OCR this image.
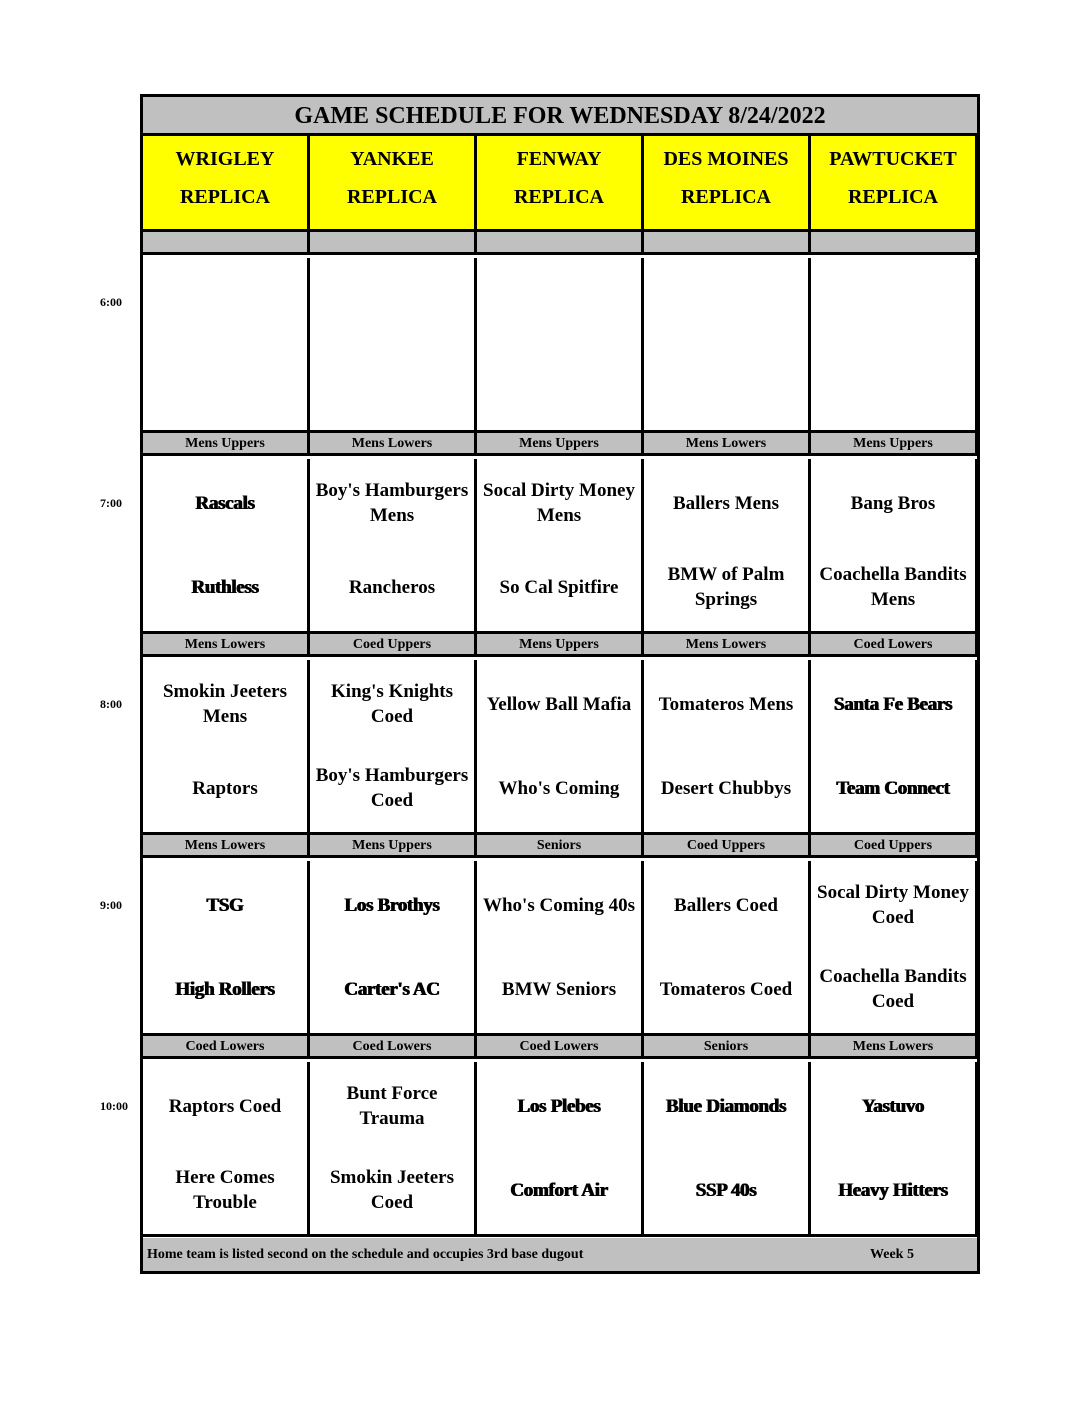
GAME SCHEDULE FOR WEDNESDAY 8/24/2022
WRIGLEY
REPLICA
YANKEE
REPLICA
FENWAY
REPLICA
DES MOINES
REPLICA
PAWTUCKET
REPLICA
Mens Uppers
Rascals
Ruthless
Mens Lowers
Boy's Hamburgers Mens
Rancheros
Mens Uppers
Socal Dirty Money Mens
So Cal Spitfire
Mens Lowers
Ballers Mens
BMW of Palm Springs
Mens Uppers
Bang Bros
Coachella Bandits Mens
Mens Lowers
Smokin Jeeters Mens
Raptors
Coed Uppers
King's Knights Coed
Boy's Hamburgers Coed
Mens Uppers
Yellow Ball Mafia
Who's Coming
Mens Lowers
Tomateros Mens
Desert Chubbys
Coed Lowers
Santa Fe Bears
Team Connect
Mens Lowers
TSG
High Rollers
Mens Uppers
Los Brothys
Carter's AC
Seniors
Who's Coming 40s
BMW Seniors
Coed Uppers
Ballers Coed
Tomateros Coed
Coed Uppers
Socal Dirty Money Coed
Coachella Bandits Coed
Coed Lowers
Raptors Coed
Here Comes Trouble
Coed Lowers
Bunt Force Trauma
Smokin Jeeters Coed
Coed Lowers
Los Plebes
Comfort Air
Seniors
Blue Diamonds
SSP 40s
Mens Lowers
Yastuvo
Heavy Hitters
Home team is listed second on the schedule and occupies 3rd base dugout	Week 5
6:00
7:00
8:00
9:00
10:00
